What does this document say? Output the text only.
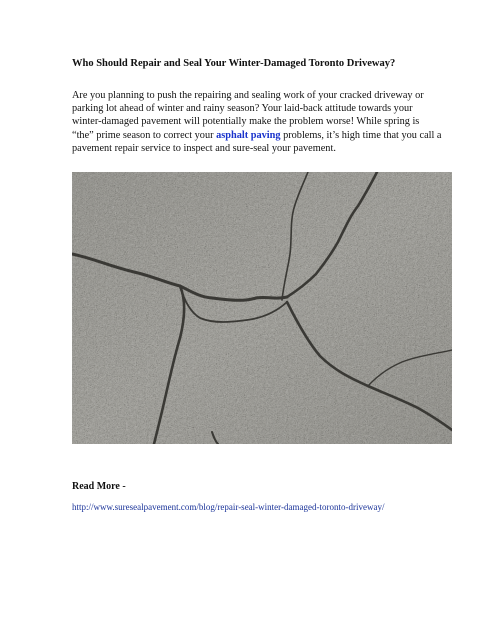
Who Should Repair and Seal Your Winter-Damaged Toronto Driveway?

Are you planning to push the repairing and sealing work of your cracked driveway or parking lot ahead of winter and rainy season? Your laid-back attitude towards your winter-damaged pavement will potentially make the problem worse! While spring is “the” prime season to correct your asphalt paving problems, it’s high time that you call a pavement repair service to inspect and sure-seal your pavement.

Read More -
http://www.suresealpavement.com/blog/repair-seal-winter-damaged-toronto-driveway/
